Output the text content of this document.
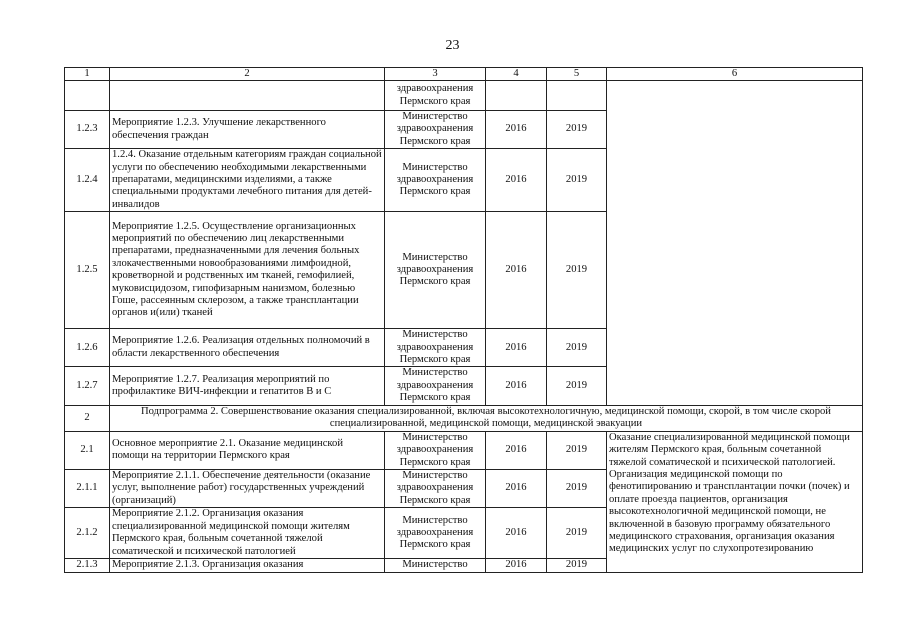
23
1	2	3	4	5	6
		здравоохранения Пермского края			
1.2.3	Мероприятие 1.2.3. Улучшение лекарственного обеспечения граждан	Министерство здравоохранения Пермского края	2016	2019	
1.2.4	1.2.4. Оказание отдельным категориям граждан социальной услуги по обеспечению необходимыми лекарственными препаратами, медицинскими изделиями, а также специальными продуктами лечебного питания для детей-инвалидов	Министерство здравоохранения Пермского края	2016	2019	
1.2.5	Мероприятие 1.2.5. Осуществление организационных мероприятий по обеспечению лиц лекарственными препаратами, предназначенными для лечения больных злокачественными новообразованиями лимфоидной, кроветворной и родственных им тканей, гемофилией, муковисцидозом, гипофизарным нанизмом, болезнью Гоше, рассеянным склерозом, а также трансплантации органов и(или) тканей	Министерство здравоохранения Пермского края	2016	2019	
1.2.6	Мероприятие 1.2.6. Реализация отдельных полномочий в области лекарственного обеспечения	Министерство здравоохранения Пермского края	2016	2019	
1.2.7	Мероприятие 1.2.7. Реализация мероприятий по профилактике ВИЧ-инфекции и гепатитов В и С	Министерство здравоохранения Пермского края	2016	2019	
2	Подпрограмма 2. Совершенствование оказания специализированной, включая высокотехнологичную, медицинской помощи, скорой, в том числе скорой специализированной, медицинской помощи, медицинской эвакуации				
2.1	Основное мероприятие 2.1. Оказание медицинской помощи на территории Пермского края	Министерство здравоохранения Пермского края	2016	2019	Оказание специализированной медицинской помощи жителям Пермского края, больным сочетанной тяжелой соматической и психической патологией. Организация медицинской помощи по фенотипированию и трансплантации почки (почек) и оплате проезда пациентов, организация высокотехнологичной медицинской помощи, не включенной в базовую программу обязательного медицинского страхования, организация оказания медицинских услуг по слухопротезированию
2.1.1	Мероприятие 2.1.1. Обеспечение деятельности (оказание услуг, выполнение работ) государственных учреждений (организаций)	Министерство здравоохранения Пермского края	2016	2019	
2.1.2	Мероприятие 2.1.2. Организация оказания специализированной медицинской помощи жителям Пермского края, больным сочетанной тяжелой соматической и психической патологией	Министерство здравоохранения Пермского края	2016	2019	
2.1.3	Мероприятие 2.1.3. Организация оказания	Министерство	2016	2019	
